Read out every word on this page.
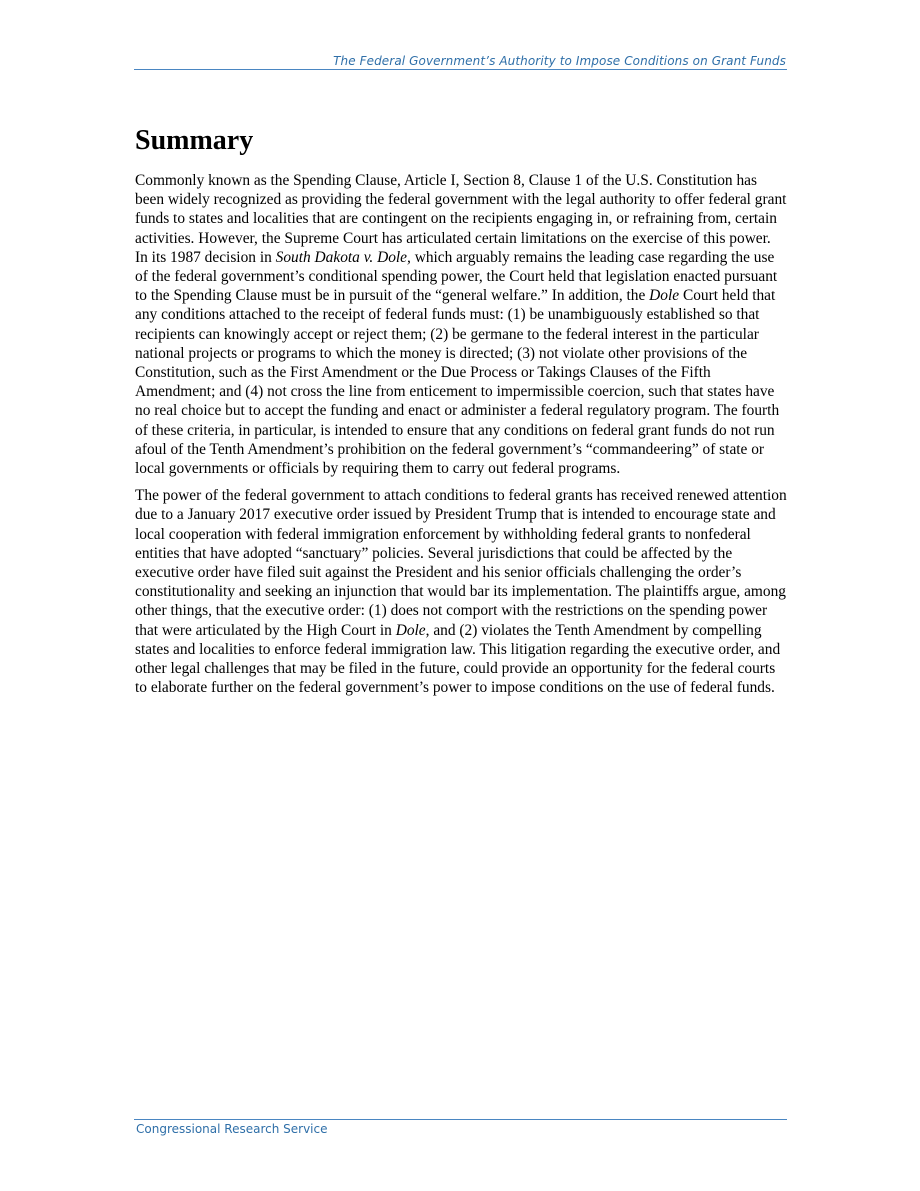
The Federal Government’s Authority to Impose Conditions on Grant Funds
Summary

Commonly known as the Spending Clause, Article I, Section 8, Clause 1 of the U.S. Constitution has been widely recognized as providing the federal government with the legal authority to offer federal grant funds to states and localities that are contingent on the recipients engaging in, or refraining from, certain activities. However, the Supreme Court has articulated certain limitations on the exercise of this power. In its 1987 decision in South Dakota v. Dole, which arguably remains the leading case regarding the use of the federal government’s conditional spending power, the Court held that legislation enacted pursuant to the Spending Clause must be in pursuit of the “general welfare.” In addition, the Dole Court held that any conditions attached to the receipt of federal funds must: (1) be unambiguously established so that recipients can knowingly accept or reject them; (2) be germane to the federal interest in the particular national projects or programs to which the money is directed; (3) not violate other provisions of the Constitution, such as the First Amendment or the Due Process or Takings Clauses of the Fifth Amendment; and (4) not cross the line from enticement to impermissible coercion, such that states have no real choice but to accept the funding and enact or administer a federal regulatory program. The fourth of these criteria, in particular, is intended to ensure that any conditions on federal grant funds do not run afoul of the Tenth Amendment’s prohibition on the federal government’s “commandeering” of state or local governments or officials by requiring them to carry out federal programs.

The power of the federal government to attach conditions to federal grants has received renewed attention due to a January 2017 executive order issued by President Trump that is intended to encourage state and local cooperation with federal immigration enforcement by withholding federal grants to nonfederal entities that have adopted “sanctuary” policies. Several jurisdictions that could be affected by the executive order have filed suit against the President and his senior officials challenging the order’s constitutionality and seeking an injunction that would bar its implementation. The plaintiffs argue, among other things, that the executive order: (1) does not comport with the restrictions on the spending power that were articulated by the High Court in Dole, and (2) violates the Tenth Amendment by compelling states and localities to enforce federal immigration law. This litigation regarding the executive order, and other legal challenges that may be filed in the future, could provide an opportunity for the federal courts to elaborate further on the federal government’s power to impose conditions on the use of federal funds.

Congressional Research Service
